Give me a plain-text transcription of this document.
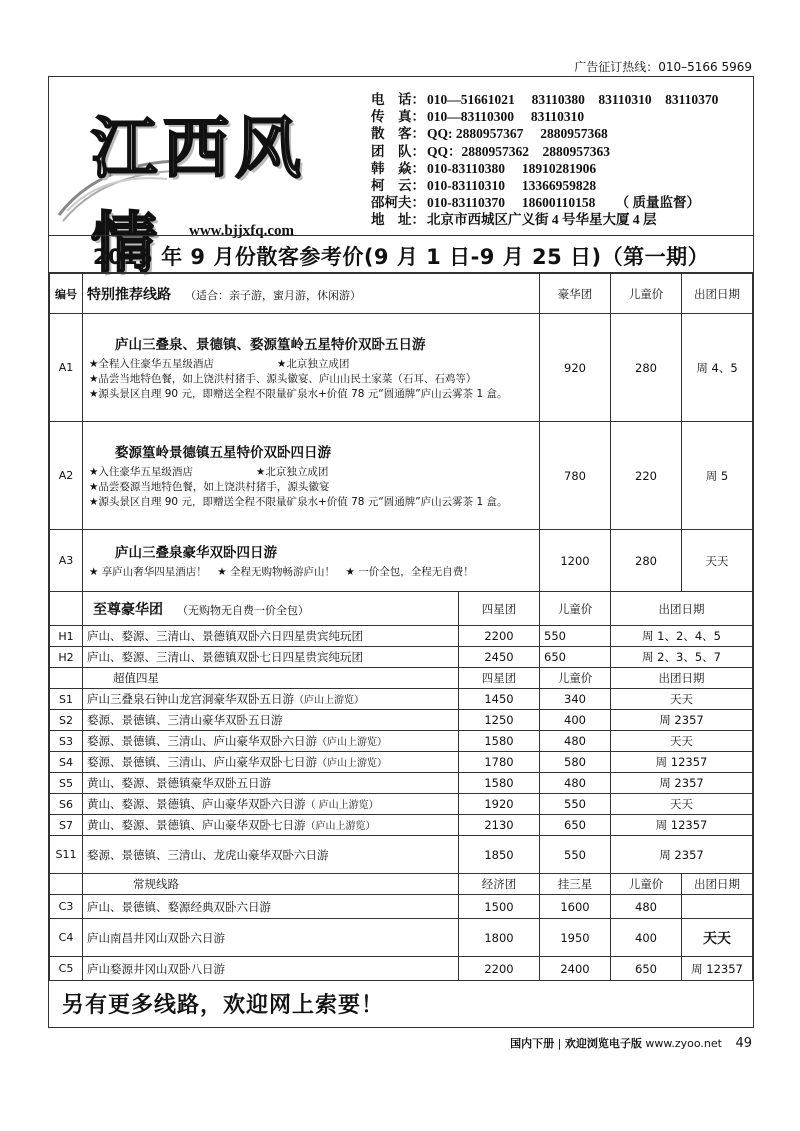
广告征订热线：010–5166 5969
江西风情	www.bjjxfq.com
电　话： 010—51661021　 83110380　83110310　83110370
传　真： 010—83110300　 83110310
散　客： QQ: 2880957367　 2880957368
团　队： QQ：2880957362　2880957363
韩　焱： 010-83110380　 18910281906
柯　云： 010-83110310　 13366959828
邵柯夫： 010-83110370　 18600110158　　（ 质量监督）
地　址： 北京市西城区广义街 4 号华星大厦 4 层
2015 年 9 月份散客参考价(9 月 1 日-9 月 25 日)（第一期）
编号	特别推荐线路 （适合：亲子游，蜜月游，休闲游）		豪华团	儿童价	出团日期
A1	庐山三叠泉、景德镇、婺源篁岭五星特价双卧五日游
★全程入住豪华五星级酒店　　　　　　★北京独立成团
★品尝当地特色餐，如上饶洪村猪手、源头徽宴、庐山山民土家菜（石耳、石鸡等）
★源头景区自理 90 元，即赠送全程不限量矿泉水+价值 78 元“圆通牌”庐山云雾茶 1 盒。		920	280	周 4、5
A2	婺源篁岭景德镇五星特价双卧四日游
★入住豪华五星级酒店　　　　　　★北京独立成团
★品尝婺源当地特色餐，如上饶洪村猪手，源头徽宴
★源头景区自理 90 元，即赠送全程不限量矿泉水+价值 78 元“圆通牌”庐山云雾茶 1 盒。		780	220	周 5
A3	庐山三叠泉豪华双卧四日游
★ 享庐山奢华四星酒店！　★ 全程无购物畅游庐山！　★ 一价全包，全程无自费！		1200	280	天天
	至尊豪华团 （无购物无自费一价全包）	四星团	儿童价	出团日期	
H1	庐山、婺源、三清山、景德镇双卧六日四星贵宾纯玩团	2200	550	周 1、2、4、5	
H2	庐山、婺源、三清山、景德镇双卧七日四星贵宾纯玩团	2450	650	周 2、3、5、7	
	超值四星	四星团	儿童价	出团日期	
S1	庐山三叠泉石钟山龙宫洞豪华双卧五日游（庐山上游览）	1450	340	天天	
S2	婺源、景德镇、三清山豪华双卧五日游	1250	400	周 2357	
S3	婺源、景德镇、三清山、庐山豪华双卧六日游（庐山上游览）	1580	480	天天	
S4	婺源、景德镇、三清山、庐山豪华双卧七日游（庐山上游览）	1780	580	周 12357	
S5	黄山、婺源、景德镇豪华双卧五日游	1580	480	周 2357	
S6	黄山、婺源、景德镇、庐山豪华双卧六日游（ 庐山上游览）	1920	550	天天	
S7	黄山、婺源、景德镇、庐山豪华双卧七日游（庐山上游览）	2130	650	周 12357	
S11	婺源、景德镇、三清山、龙虎山豪华双卧六日游	1850	550	周 2357	
	常规线路	经济团	挂三星	儿童价	出团日期
C3	庐山、景德镇、婺源经典双卧六日游	1500	1600	480	
C4	庐山南昌井冈山双卧六日游	1800	1950	400	天天
C5	庐山婺源井冈山双卧八日游	2200	2400	650	周 12357
另有更多线路，欢迎网上索要！
国内下册 | 欢迎浏览电子版 www.zyoo.net 49
